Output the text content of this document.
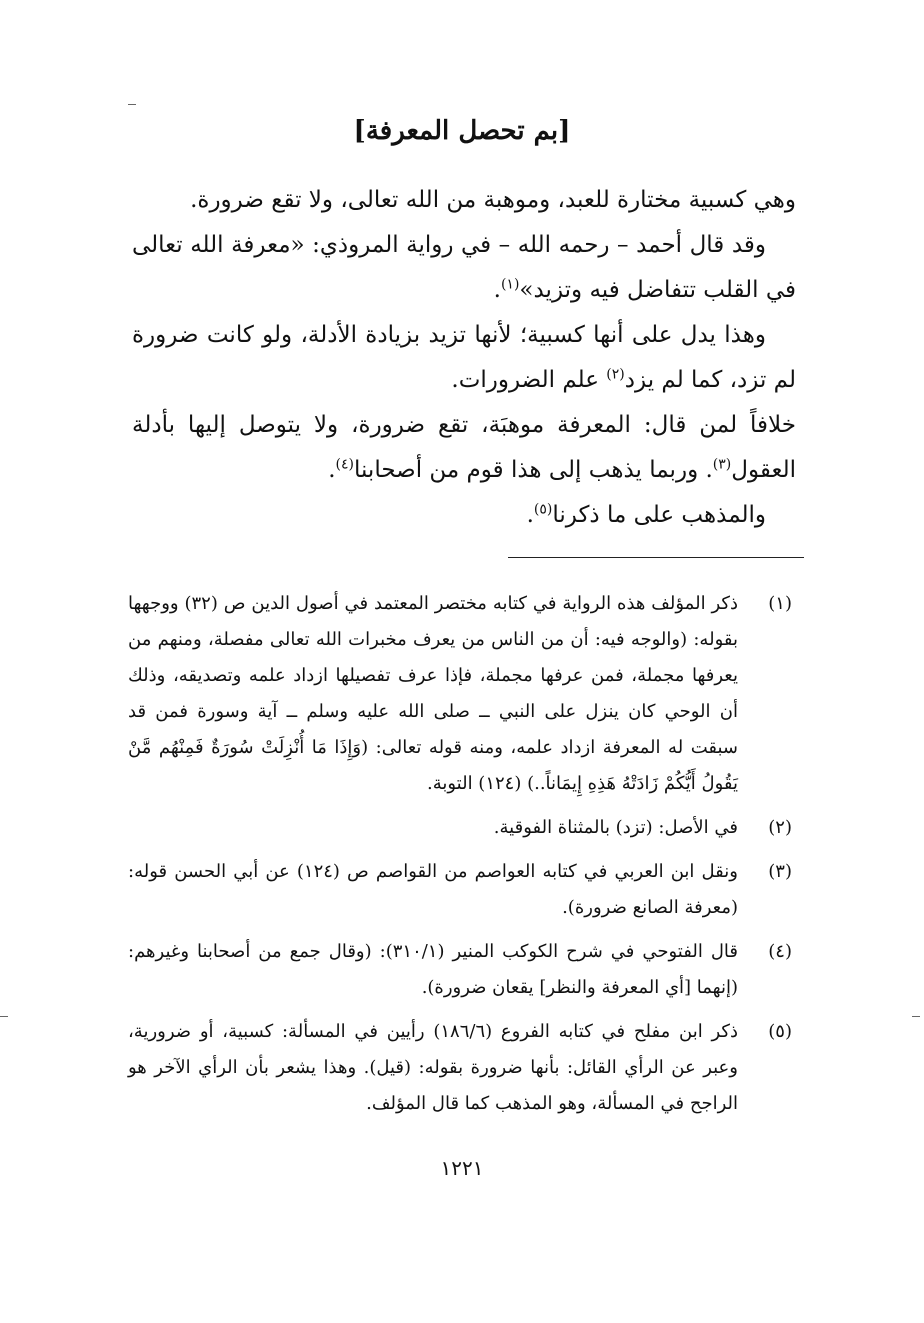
[بم تحصل المعرفة]

وهي كسبية مختارة للعبد، وموهبة من الله تعالى، ولا تقع ضرورة.

وقد قال أحمد – رحمه الله – في رواية المروذي: «معرفة الله تعالى في القلب تتفاضل فيه وتزيد»$^{(١)}$.

وهذا يدل على أنها كسبية؛ لأنها تزيد بزيادة الأدلة، ولو كانت ضرورة لم تزد، كما لم يزد$^{(٢)}$ علم الضرورات.

خلافاً لمن قال: المعرفة موهبَة، تقع ضرورة، ولا يتوصل إليها بأدلة العقول$^{(٣)}$. وربما يذهب إلى هذا قوم من أصحابنا$^{(٤)}$.

والمذهب على ما ذكرنا$^{(٥)}$.

(١)
ذكر المؤلف هذه الرواية في كتابه مختصر المعتمد في أصول الدين ص (٣٢) ووجهها بقوله: (والوجه فيه: أن من الناس من يعرف مخبرات الله تعالى مفصلة، ومنهم من يعرفها مجملة، فمن عرفها مجملة، فإذا عرف تفصيلها ازداد علمه وتصديقه، وذلك أن الوحي كان ينزل على النبي ــ صلى الله عليه وسلم ــ آية وسورة فمن قد سبقت له المعرفة ازداد علمه، ومنه قوله تعالى: (وَإِذَا مَا أُنْزِلَتْ سُورَةٌ فَمِنْهُم مَّنْ يَقُولُ أَيُّكُمْ زَادَتْهُ هَذِهِ إِيمَاناً..) (١٢٤) التوبة.
(٢)
في الأصل: (تزد) بالمثناة الفوقية.
(٣)
ونقل ابن العربي في كتابه العواصم من القواصم ص (١٢٤) عن أبي الحسن قوله: (معرفة الصانع ضرورة).
(٤)
قال الفتوحي في شرح الكوكب المنير (٣١٠/١): (وقال جمع من أصحابنا وغيرهم: (إنهما [أي المعرفة والنظر] يقعان ضرورة).
(٥)
ذكر ابن مفلح في كتابه الفروع (١٨٦/٦) رأيين في المسألة: كسبية، أو ضرورية، وعبر عن الرأي القائل: بأنها ضرورة بقوله: (قيل). وهذا يشعر بأن الرأي الآخر هو الراجح في المسألة، وهو المذهب كما قال المؤلف.
١٢٢١
